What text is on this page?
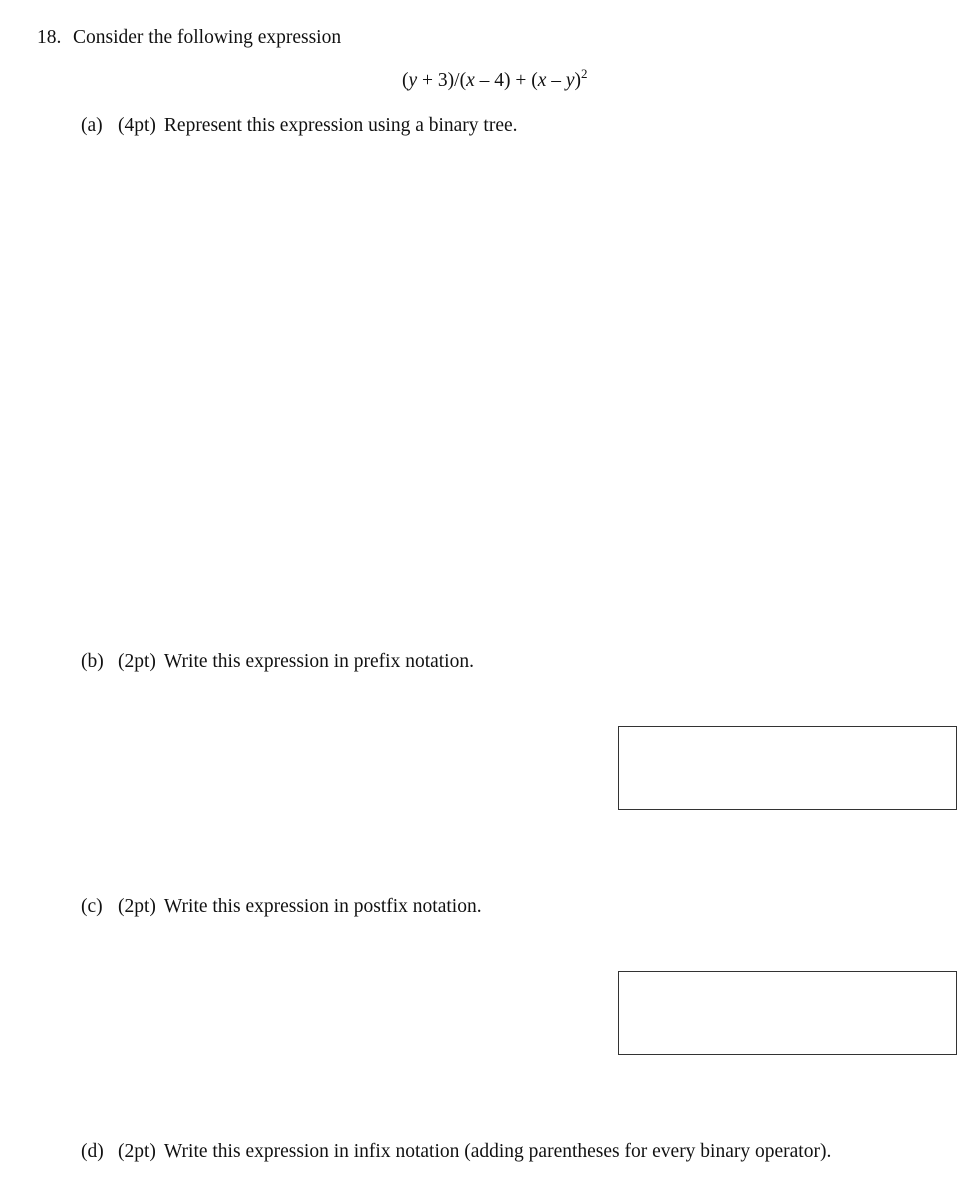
18. Consider the following expression
(y + 3)/(x – 4) + (x – y)$^2$
(a) (4pt) Represent this expression using a binary tree.
(b) (2pt) Write this expression in prefix notation.
(c) (2pt) Write this expression in postfix notation.
(d) (2pt) Write this expression in infix notation (adding parentheses for every binary operator).
